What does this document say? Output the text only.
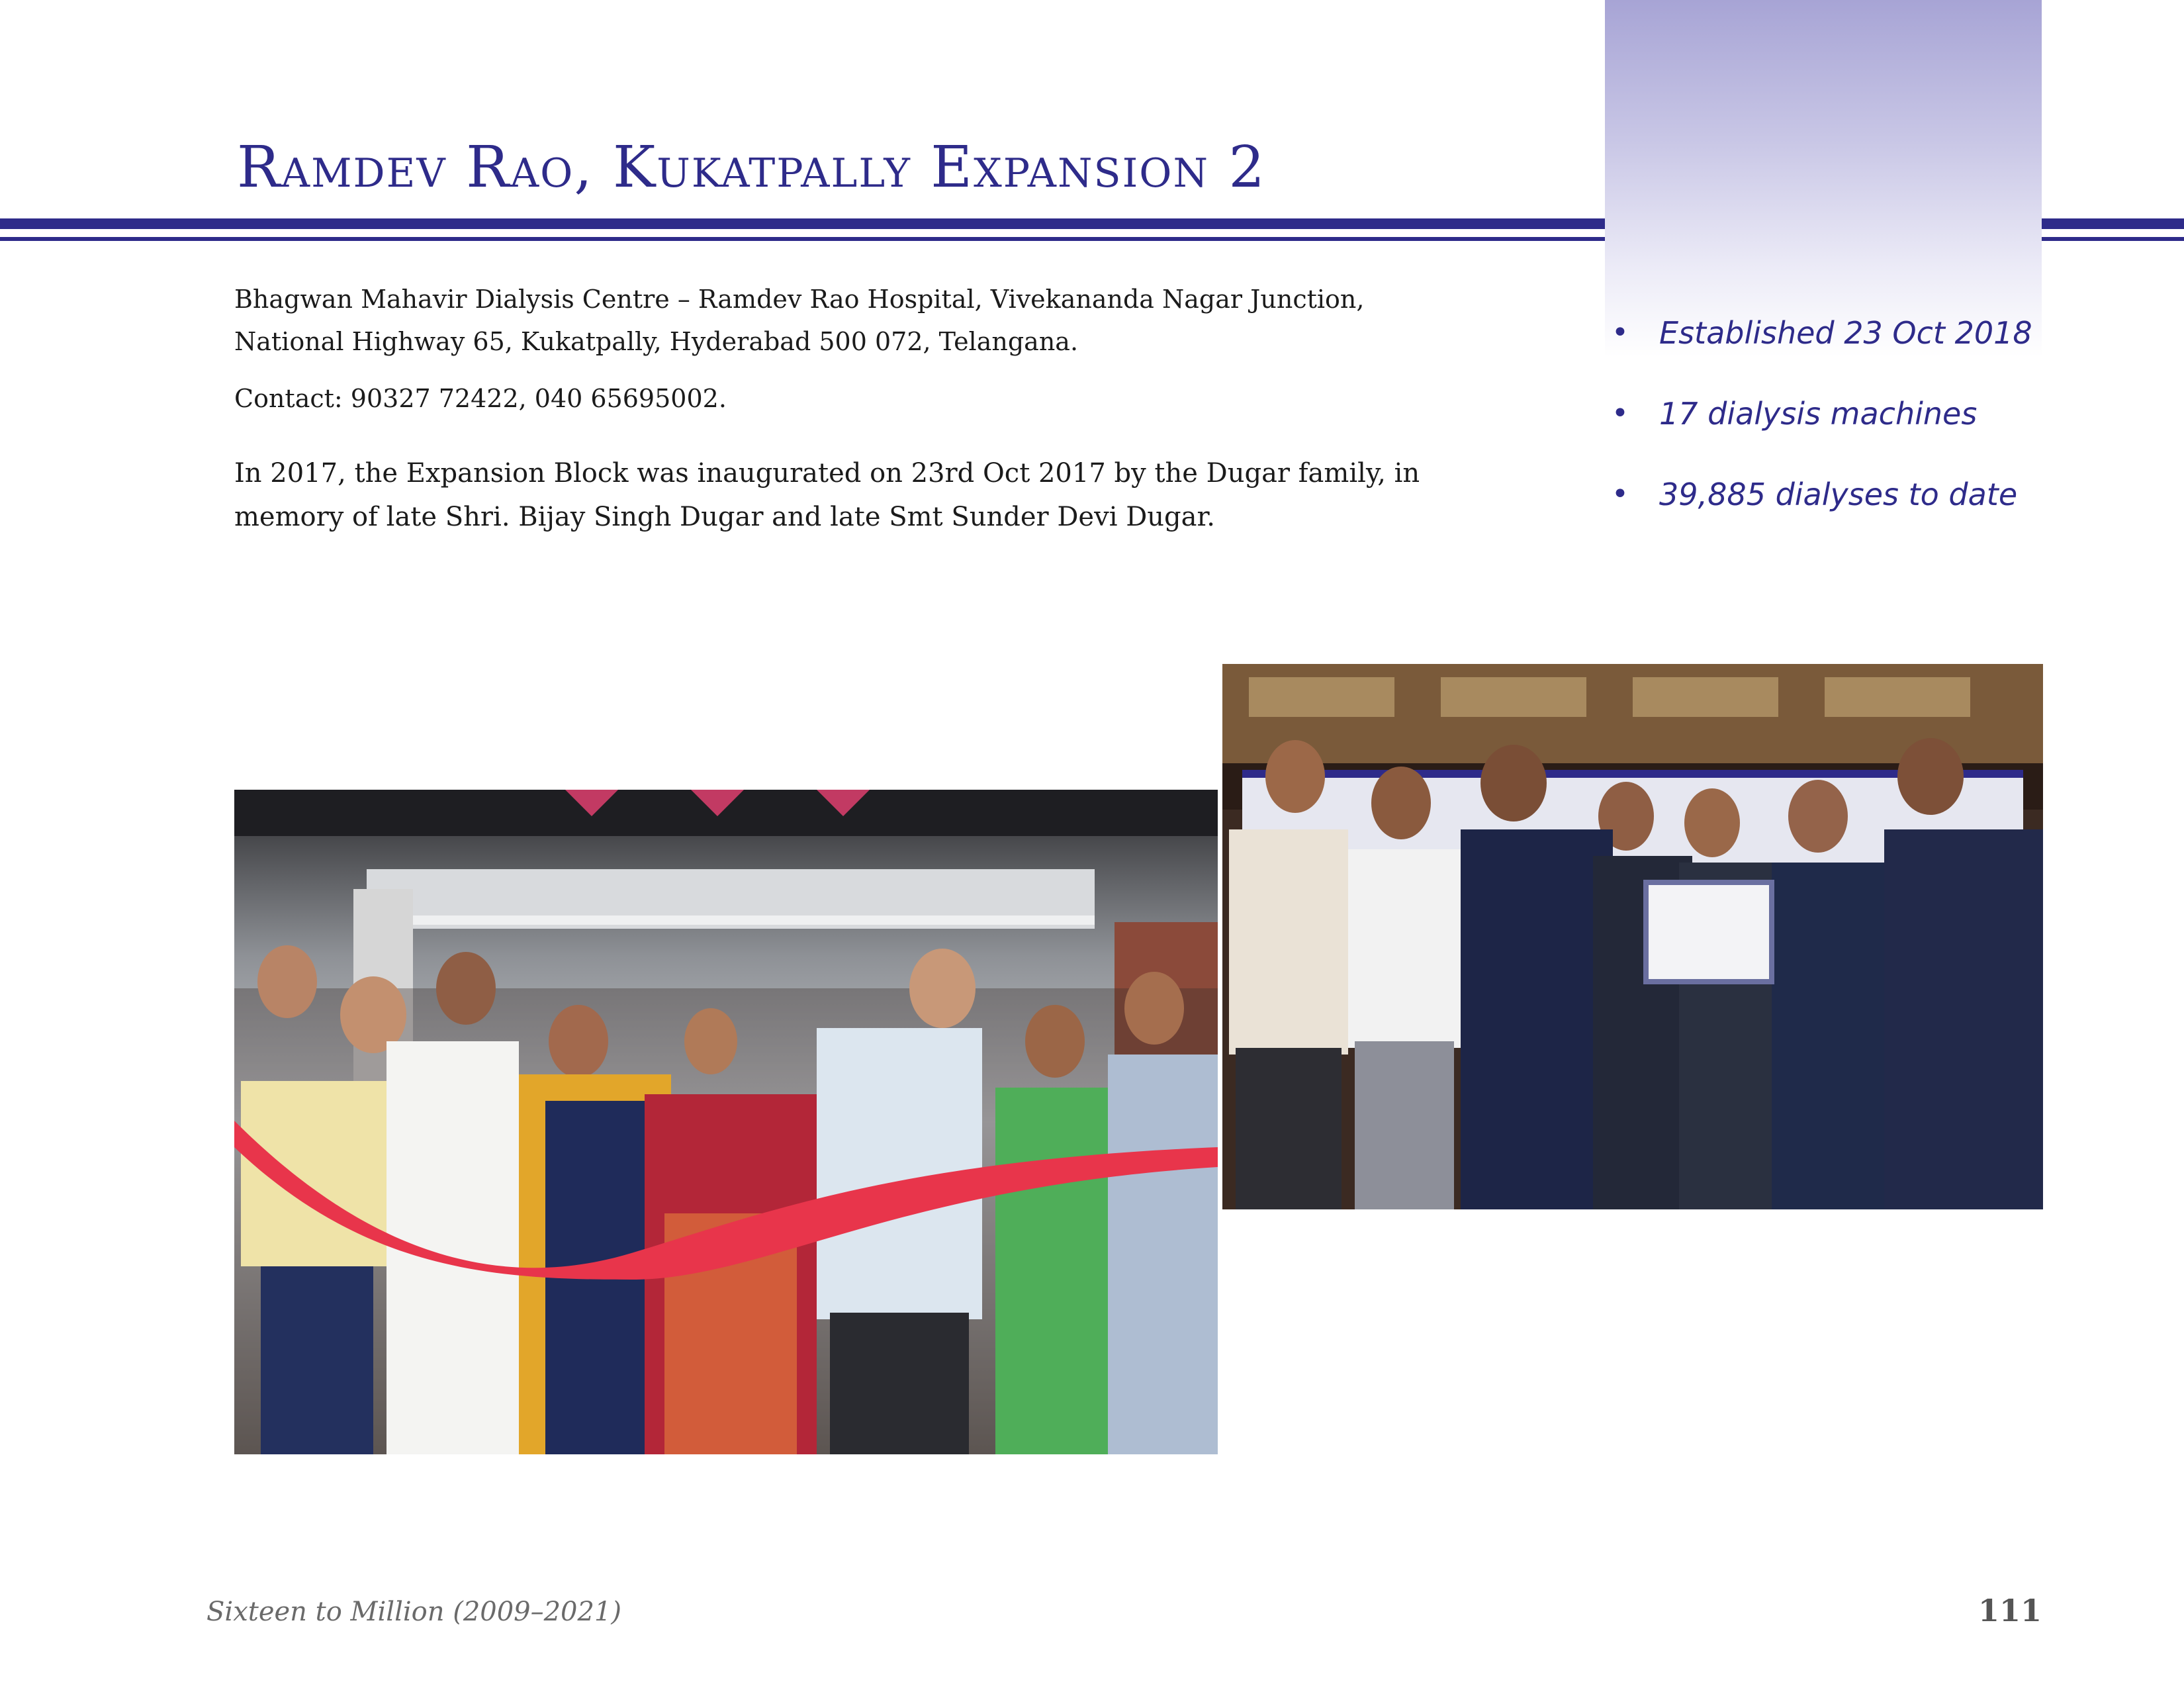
Ramdev Rao, Kukatpally Expansion 2

Bhagwan Mahavir Dialysis Centre – Ramdev Rao Hospital, Vivekananda Nagar Junction, National Highway 65, Kukatpally, Hyderabad 500 072, Telangana.

Contact: 90327 72422, 040 65695002.

In 2017, the Expansion Block was inaugurated on 23rd Oct 2017 by the Dugar family, in memory of late Shri. Bijay Singh Dugar and late Smt Sunder Devi Dugar.

• Established 23 Oct 2018
• 17 dialysis machines
• 39,885 dialyses to date
Sixteen to Million (2009–2021)	111
